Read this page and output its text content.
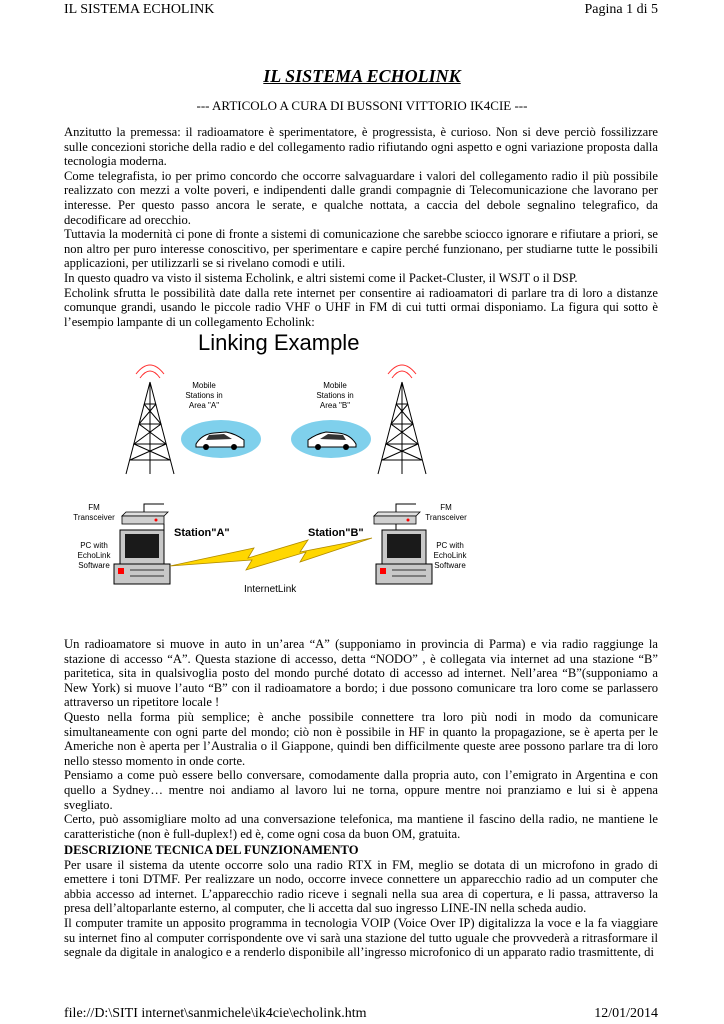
IL SISTEMA ECHOLINK	Pagina 1 di 5
IL SISTEMA ECHOLINK
--- ARTICOLO A CURA DI BUSSONI VITTORIO IK4CIE ---

Anzitutto la premessa: il radioamatore è sperimentatore, è progressista, è curioso. Non si deve perciò fossilizzare sulle concezioni storiche della radio e del collegamento radio rifiutando ogni aspetto e ogni variazione proposta dalla tecnologia moderna.

Come telegrafista, io per primo concordo che occorre salvaguardare i valori del collegamento radio il più possibile realizzato con mezzi a volte poveri, e indipendenti dalle grandi compagnie di Telecomunicazione che lavorano per interesse. Per questo passo ancora le serate, e qualche nottata, a caccia del debole segnalino telegrafico, da decodificare ad orecchio.

Tuttavia la modernità ci pone di fronte a sistemi di comunicazione che sarebbe sciocco ignorare e rifiutare a priori, se non altro per puro interesse conoscitivo, per sperimentare e capire perché funzionano, per studiarne tutte le possibili applicazioni, per utilizzarli se si rivelano comodi e utili.

In questo quadro va visto il sistema Echolink, e altri sistemi come il Packet-Cluster, il WSJT o il DSP.

Echolink sfrutta le possibilità date dalla rete internet per consentire ai radioamatori di parlare tra di loro a distanze comunque grandi, usando le piccole radio VHF o UHF in FM di cui tutti ormai disponiamo. La figura qui sotto è l’esempio lampante di un collegamento Echolink:

Linking Example
Mobile
Stations in
Area "A"
Mobile
Stations in
Area "B"
FM
Transceiver
FM
Transceiver
PC with
EchoLink
Software
PC with
EchoLink
Software
Station"A"	Station"B"
InternetLink

Un radioamatore si muove in auto in un’area “A” (supponiamo in provincia di Parma) e via radio raggiunge la stazione di accesso “A”. Questa stazione di accesso, detta “NODO” , è collegata via internet ad una stazione “B” paritetica, sita in qualsivoglia posto del mondo purché dotato di accesso ad internet. Nell’area “B”(supponiamo a New York) si muove l’auto “B” con il radioamatore a bordo; i due possono comunicare tra loro come se parlassero attraverso un ripetitore locale !

Questo nella forma più semplice; è anche possibile connettere tra loro più nodi in modo da comunicare simultaneamente con ogni parte del mondo; ciò non è possibile in HF in quanto la propagazione, se è aperta per le Americhe non è aperta per l’Australia o il Giappone, quindi ben difficilmente queste aree possono parlare tra di loro nello stesso momento in onde corte.

Pensiamo a come può essere bello conversare, comodamente dalla propria auto, con l’emigrato in Argentina e con quello a Sydney… mentre noi andiamo al lavoro lui ne torna, oppure mentre noi pranziamo e lui si è appena svegliato.

Certo, può assomigliare molto ad una conversazione telefonica, ma mantiene il fascino della radio, ne mantiene le caratteristiche (non è full-duplex!) ed è, come ogni cosa da buon OM, gratuita.

DESCRIZIONE TECNICA DEL FUNZIONAMENTO

Per usare il sistema da utente occorre solo una radio RTX in FM, meglio se dotata di un microfono in grado di emettere i toni DTMF. Per realizzare un nodo, occorre invece connettere un apparecchio radio ad un computer che abbia accesso ad internet. L’apparecchio radio riceve i segnali nella sua area di copertura, e li passa, attraverso la presa dell’altoparlante esterno, al computer, che li accetta dal suo ingresso LINE-IN nella scheda audio.

Il computer tramite un apposito programma in tecnologia VOIP (Voice Over IP) digitalizza la voce e la fa viaggiare su internet fino al computer corrispondente ove vi sarà una stazione del tutto uguale che provvederà a ritrasformare il segnale da digitale in analogico e a renderlo disponibile all’ingresso microfonico di un apparato radio trasmittente, di

file://D:\SITI internet\sanmichele\ik4cie\echolink.htm	12/01/2014
